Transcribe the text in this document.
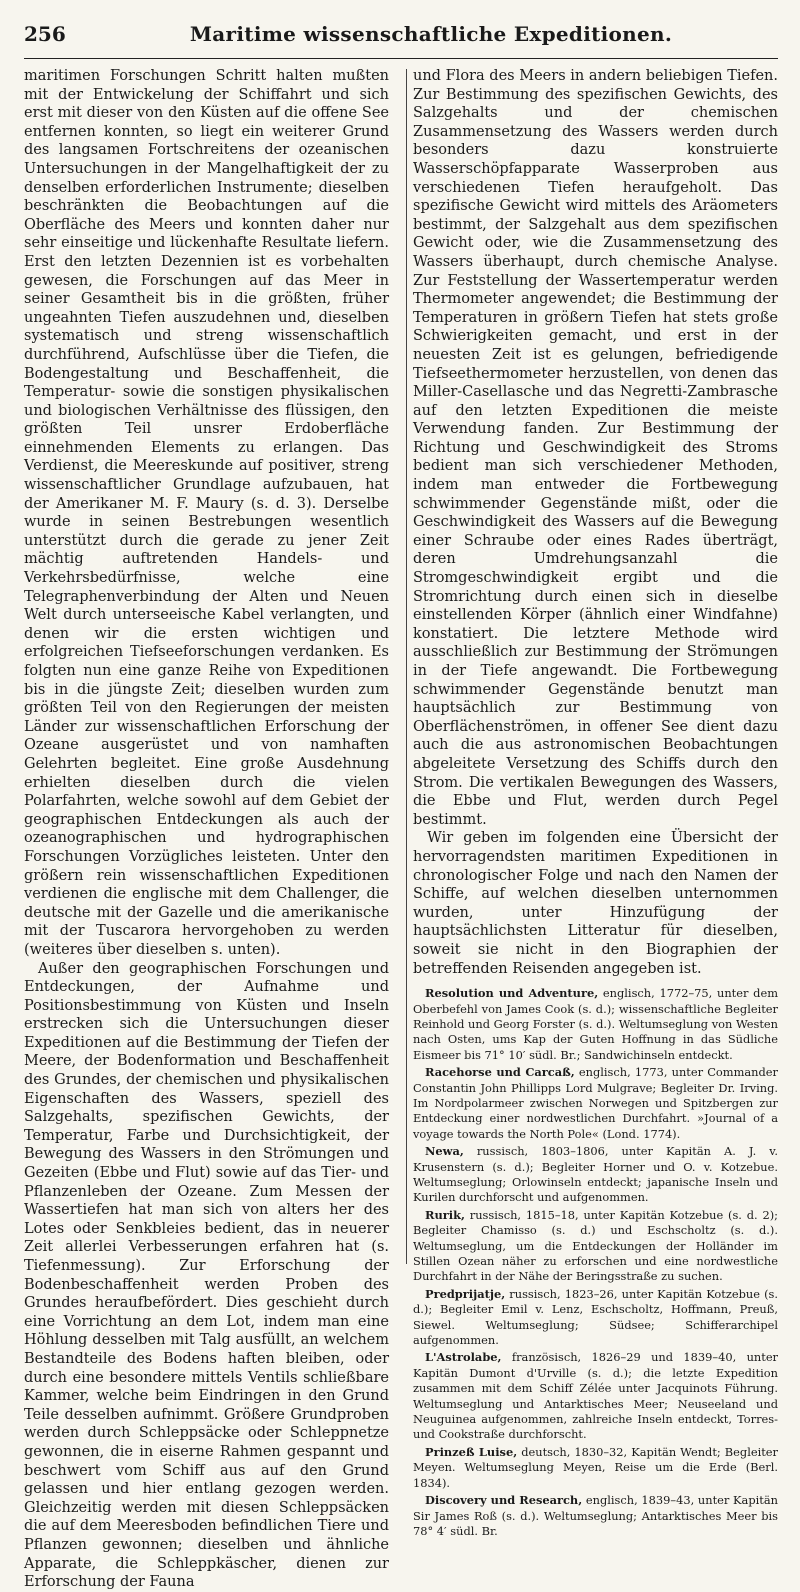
256	Maritime wissenschaftliche Expeditionen.

maritimen Forschungen Schritt halten mußten mit der Entwickelung der Schiffahrt und sich erst mit dieser von den Küsten auf die offene See entfernen konnten, so liegt ein weiterer Grund des langsamen Fortschreitens der ozeanischen Untersuchungen in der Mangelhaftigkeit der zu denselben erforderlichen Instrumente; dieselben beschränkten die Beobachtungen auf die Oberfläche des Meers und konnten daher nur sehr einseitige und lückenhafte Resultate liefern. Erst den letzten Dezennien ist es vorbehalten gewesen, die Forschungen auf das Meer in seiner Gesamtheit bis in die größten, früher ungeahnten Tiefen auszudehnen und, dieselben systematisch und streng wissenschaftlich durchführend, Aufschlüsse über die Tiefen, die Bodengestaltung und Beschaffenheit, die Temperatur- sowie die sonstigen physikalischen und biologischen Verhältnisse des flüssigen, den größten Teil unsrer Erdoberfläche einnehmenden Elements zu erlangen. Das Verdienst, die Meereskunde auf positiver, streng wissenschaftlicher Grundlage aufzubauen, hat der Amerikaner M. F. Maury (s. d. 3). Derselbe wurde in seinen Bestrebungen wesentlich unterstützt durch die gerade zu jener Zeit mächtig auftretenden Handels- und Verkehrsbedürfnisse, welche eine Telegraphenverbindung der Alten und Neuen Welt durch unterseeische Kabel verlangten, und denen wir die ersten wichtigen und erfolgreichen Tiefseeforschungen verdanken. Es folgten nun eine ganze Reihe von Expeditionen bis in die jüngste Zeit; dieselben wurden zum größten Teil von den Regierungen der meisten Länder zur wissenschaftlichen Erforschung der Ozeane ausgerüstet und von namhaften Gelehrten begleitet. Eine große Ausdehnung erhielten dieselben durch die vielen Polarfahrten, welche sowohl auf dem Gebiet der geographischen Entdeckungen als auch der ozeanographischen und hydrographischen Forschungen Vorzügliches leisteten. Unter den größern rein wissenschaftlichen Expeditionen verdienen die englische mit dem Challenger, die deutsche mit der Gazelle und die amerikanische mit der Tuscarora hervorgehoben zu werden (weiteres über dieselben s. unten).

Außer den geographischen Forschungen und Entdeckungen, der Aufnahme und Positionsbestimmung von Küsten und Inseln erstrecken sich die Untersuchungen dieser Expeditionen auf die Bestimmung der Tiefen der Meere, der Bodenformation und Beschaffenheit des Grundes, der chemischen und physikalischen Eigenschaften des Wassers, speziell des Salzgehalts, spezifischen Gewichts, der Temperatur, Farbe und Durchsichtigkeit, der Bewegung des Wassers in den Strömungen und Gezeiten (Ebbe und Flut) sowie auf das Tier- und Pflanzenleben der Ozeane. Zum Messen der Wassertiefen hat man sich von alters her des Lotes oder Senkbleies bedient, das in neuerer Zeit allerlei Verbesserungen erfahren hat (s. Tiefenmessung). Zur Erforschung der Bodenbeschaffenheit werden Proben des Grundes heraufbefördert. Dies geschieht durch eine Vorrichtung an dem Lot, indem man eine Höhlung desselben mit Talg ausfüllt, an welchem Bestandteile des Bodens haften bleiben, oder durch eine besondere mittels Ventils schließbare Kammer, welche beim Eindringen in den Grund Teile desselben aufnimmt. Größere Grundproben werden durch Schleppsäcke oder Schleppnetze gewonnen, die in eiserne Rahmen gespannt und beschwert vom Schiff aus auf den Grund gelassen und hier entlang gezogen werden. Gleichzeitig werden mit diesen Schleppsäcken die auf dem Meeresboden befindlichen Tiere und Pflanzen gewonnen; dieselben und ähnliche Apparate, die Schleppkäscher, dienen zur Erforschung der Fauna

und Flora des Meers in andern beliebigen Tiefen. Zur Bestimmung des spezifischen Gewichts, des Salzgehalts und der chemischen Zusammensetzung des Wassers werden durch besonders dazu konstruierte Wasserschöpfapparate Wasserproben aus verschiedenen Tiefen heraufgeholt. Das spezifische Gewicht wird mittels des Aräometers bestimmt, der Salzgehalt aus dem spezifischen Gewicht oder, wie die Zusammensetzung des Wassers überhaupt, durch chemische Analyse. Zur Feststellung der Wassertemperatur werden Thermometer angewendet; die Bestimmung der Temperaturen in größern Tiefen hat stets große Schwierigkeiten gemacht, und erst in der neuesten Zeit ist es gelungen, befriedigende Tiefseethermometer herzustellen, von denen das Miller-Casellasche und das Negretti-Zambrasche auf den letzten Expeditionen die meiste Verwendung fanden. Zur Bestimmung der Richtung und Geschwindigkeit des Stroms bedient man sich verschiedener Methoden, indem man entweder die Fortbewegung schwimmender Gegenstände mißt, oder die Geschwindigkeit des Wassers auf die Bewegung einer Schraube oder eines Rades überträgt, deren Umdrehungsanzahl die Stromgeschwindigkeit ergibt und die Stromrichtung durch einen sich in dieselbe einstellenden Körper (ähnlich einer Windfahne) konstatiert. Die letztere Methode wird ausschließlich zur Bestimmung der Strömungen in der Tiefe angewandt. Die Fortbewegung schwimmender Gegenstände benutzt man hauptsächlich zur Bestimmung von Oberflächenströmen, in offener See dient dazu auch die aus astronomischen Beobachtungen abgeleitete Versetzung des Schiffs durch den Strom. Die vertikalen Bewegungen des Wassers, die Ebbe und Flut, werden durch Pegel bestimmt.

Wir geben im folgenden eine Übersicht der hervorragendsten maritimen Expeditionen in chronologischer Folge und nach den Namen der Schiffe, auf welchen dieselben unternommen wurden, unter Hinzufügung der hauptsächlichsten Litteratur für dieselben, soweit sie nicht in den Biographien der betreffenden Reisenden angegeben ist.

Resolution und Adventure, englisch, 1772–75, unter dem Oberbefehl von James Cook (s. d.); wissenschaftliche Begleiter Reinhold und Georg Forster (s. d.). Weltumseglung von Westen nach Osten, ums Kap der Guten Hoffnung in das Südliche Eismeer bis 71° 10′ südl. Br.; Sandwichinseln entdeckt.

Racehorse und Carcaß, englisch, 1773, unter Commander Constantin John Phillipps Lord Mulgrave; Begleiter Dr. Irving. Im Nordpolarmeer zwischen Norwegen und Spitzbergen zur Entdeckung einer nordwestlichen Durchfahrt. »Journal of a voyage towards the North Pole« (Lond. 1774).

Newa, russisch, 1803–1806, unter Kapitän A. J. v. Krusenstern (s. d.); Begleiter Horner und O. v. Kotzebue. Weltumseglung; Orlowinseln entdeckt; japanische Inseln und Kurilen durchforscht und aufgenommen.

Rurik, russisch, 1815–18, unter Kapitän Kotzebue (s. d. 2); Begleiter Chamisso (s. d.) und Eschscholtz (s. d.). Weltumseglung, um die Entdeckungen der Holländer im Stillen Ozean näher zu erforschen und eine nordwestliche Durchfahrt in der Nähe der Beringsstraße zu suchen.

Predprijatje, russisch, 1823–26, unter Kapitän Kotzebue (s. d.); Begleiter Emil v. Lenz, Eschscholtz, Hoffmann, Preuß, Siewel. Weltumseglung; Südsee; Schifferarchipel aufgenommen.

L'Astrolabe, französisch, 1826–29 und 1839–40, unter Kapitän Dumont d'Urville (s. d.); die letzte Expedition zusammen mit dem Schiff Zélée unter Jacquinots Führung. Weltumseglung und Antarktisches Meer; Neuseeland und Neuguinea aufgenommen, zahlreiche Inseln entdeckt, Torres- und Cookstraße durchforscht.

Prinzeß Luise, deutsch, 1830–32, Kapitän Wendt; Begleiter Meyen. Weltumseglung Meyen, Reise um die Erde (Berl. 1834).

Discovery und Research, englisch, 1839–43, unter Kapitän Sir James Roß (s. d.). Weltumseglung; Antarktisches Meer bis 78° 4′ südl. Br.
